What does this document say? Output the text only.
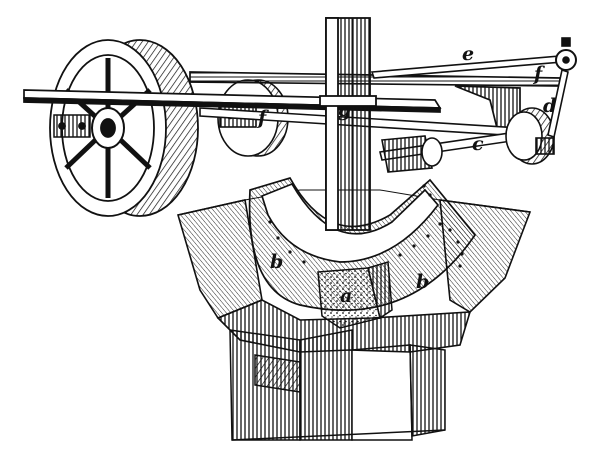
a
b
b
c
d
e
f
f	g
